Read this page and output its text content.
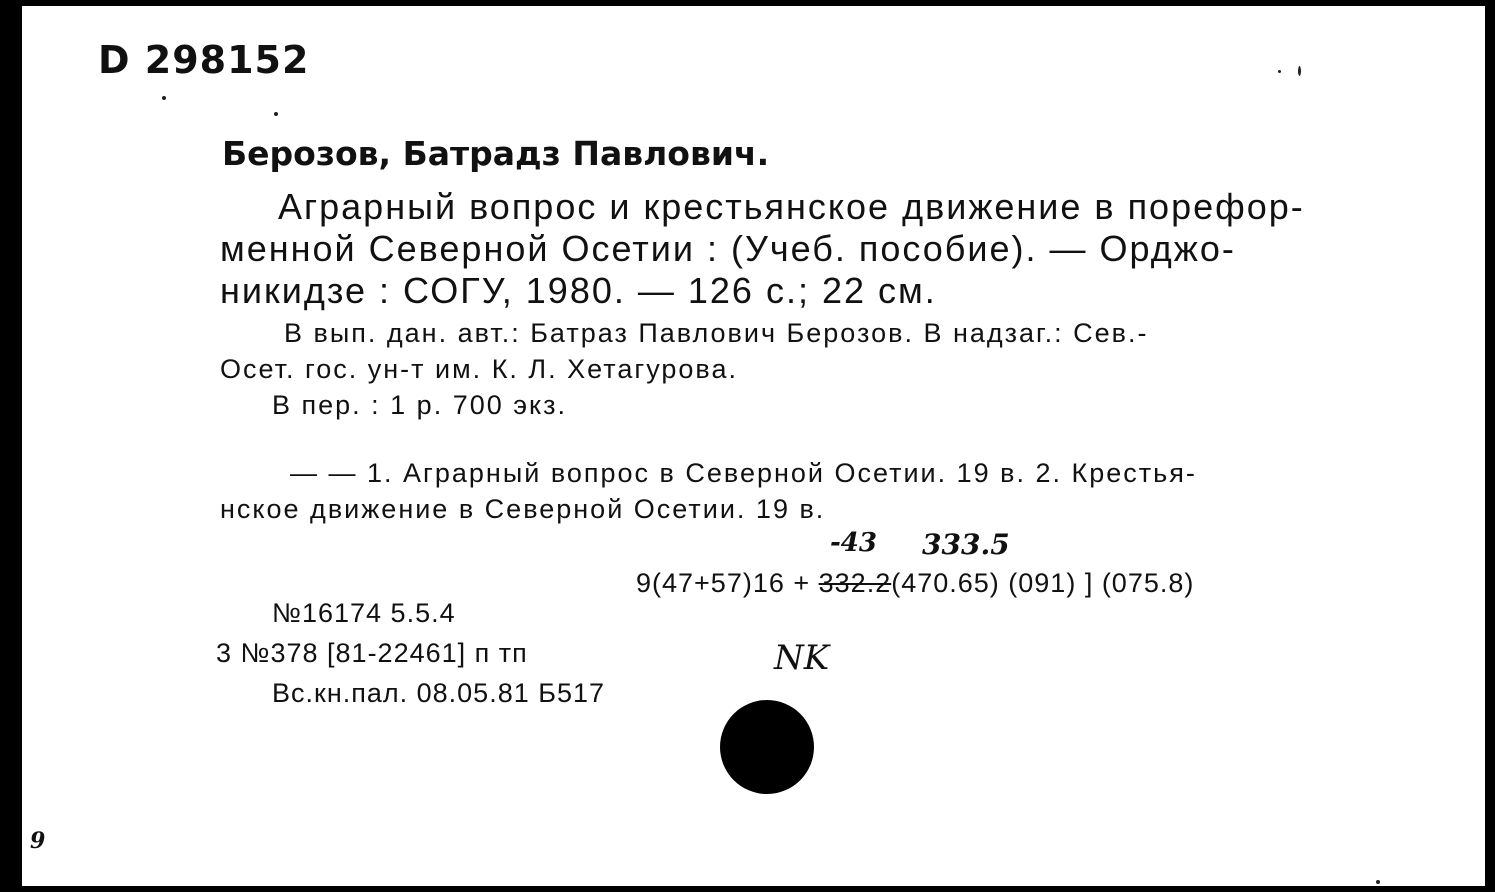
D 298152
Берозов, Батрадз Павлович.
Аграрный вопрос и крестьянское движение в порефор-
менной Северной Осетии : (Учеб. пособие). — Орджо-
никидзе : СОГУ, 1980. — 126 с.; 22 см.
В вып. дан. авт.: Батраз Павлович Берозов. В надзаг.: Сев.-
Осет. гос. ун-т им. К. Л. Хетагурова.
В пер. : 1 р. 700 экз.
— — 1. Аграрный вопрос в Северной Осетии. 19 в. 2. Крестья-
нское движение в Северной Осетии. 19 в.
-43 333.5
9(47+57)16 + 332.2(470.65) (091) ] (075.8)
№16174 5.5.4
3 №378 [81-22461] п тп
Вс.кн.пал. 08.05.81 Б517
NK
9
